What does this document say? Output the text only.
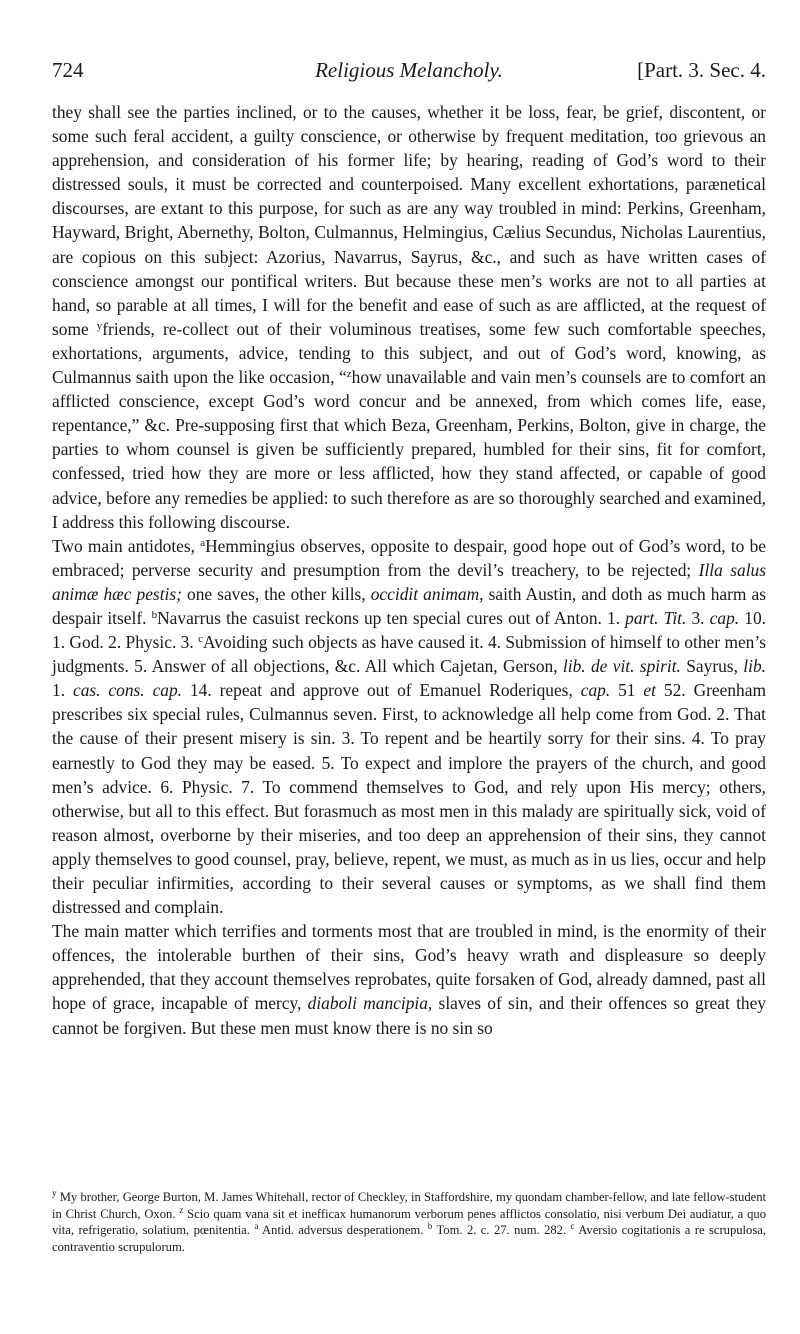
724	Religious Melancholy.	[Part. 3. Sec. 4.

they shall see the parties inclined, or to the causes, whether it be loss, fear, be grief, discontent, or some such feral accident, a guilty conscience, or otherwise by frequent meditation, too grievous an apprehension, and consideration of his former life; by hearing, reading of God’s word to their distressed souls, it must be corrected and counterpoised. Many excellent exhortations, parænetical discourses, are extant to this purpose, for such as are any way troubled in mind: Perkins, Greenham, Hayward, Bright, Abernethy, Bolton, Culmannus, Helmingius, Cælius Secundus, Nicholas Laurentius, are copious on this subject: Azorius, Navarrus, Sayrus, &c., and such as have written cases of conscience amongst our pontifical writers. But because these men’s works are not to all parties at hand, so parable at all times, I will for the benefit and ease of such as are afflicted, at the request of some $^y$friends, re-collect out of their voluminous treatises, some few such comfortable speeches, exhortations, arguments, advice, tending to this subject, and out of God’s word, knowing, as Culmannus saith upon the like occasion, “$^z$how unavailable and vain men’s counsels are to comfort an afflicted conscience, except God’s word concur and be annexed, from which comes life, ease, repentance,” &c. Pre-supposing first that which Beza, Greenham, Perkins, Bolton, give in charge, the parties to whom counsel is given be sufficiently prepared, humbled for their sins, fit for comfort, confessed, tried how they are more or less afflicted, how they stand affected, or capable of good advice, before any remedies be applied: to such therefore as are so thoroughly searched and examined, I address this following discourse.

Two main antidotes, $^a$Hemmingius observes, opposite to despair, good hope out of God’s word, to be embraced; perverse security and presumption from the devil’s treachery, to be rejected; Illa salus animæ hæc pestis; one saves, the other kills, occidit animam, saith Austin, and doth as much harm as despair itself. $^b$Navarrus the casuist reckons up ten special cures out of Anton. 1. part. Tit. 3. cap. 10. 1. God. 2. Physic. 3. $^c$Avoiding such objects as have caused it. 4. Submission of himself to other men’s judgments. 5. Answer of all objections, &c. All which Cajetan, Gerson, lib. de vit. spirit. Sayrus, lib. 1. cas. cons. cap. 14. repeat and approve out of Emanuel Roderiques, cap. 51 et 52. Greenham prescribes six special rules, Culmannus seven. First, to acknowledge all help come from God. 2. That the cause of their present misery is sin. 3. To repent and be heartily sorry for their sins. 4. To pray earnestly to God they may be eased. 5. To expect and implore the prayers of the church, and good men’s advice. 6. Physic. 7. To commend themselves to God, and rely upon His mercy; others, otherwise, but all to this effect. But forasmuch as most men in this malady are spiritually sick, void of reason almost, overborne by their miseries, and too deep an apprehension of their sins, they cannot apply themselves to good counsel, pray, believe, repent, we must, as much as in us lies, occur and help their peculiar infirmities, according to their several causes or symptoms, as we shall find them distressed and complain.

The main matter which terrifies and torments most that are troubled in mind, is the enormity of their offences, the intolerable burthen of their sins, God’s heavy wrath and displeasure so deeply apprehended, that they account themselves reprobates, quite forsaken of God, already damned, past all hope of grace, incapable of mercy, diaboli mancipia, slaves of sin, and their offences so great they cannot be forgiven. But these men must know there is no sin so

$^y$ My brother, George Burton, M. James Whitehall, rector of Checkley, in Staffordshire, my quondam chamber-fellow, and late fellow-student in Christ Church, Oxon. $^z$ Scio quam vana sit et inefficax humanorum verborum penes afflictos consolatio, nisi verbum Dei audiatur, a quo vita, refrigeratio, solatium, pœnitentia. $^a$ Antid. adversus desperationem. $^b$ Tom. 2. c. 27. num. 282. $^c$ Aversio cogitationis a re scrupulosa, contraventio scrupulorum.
